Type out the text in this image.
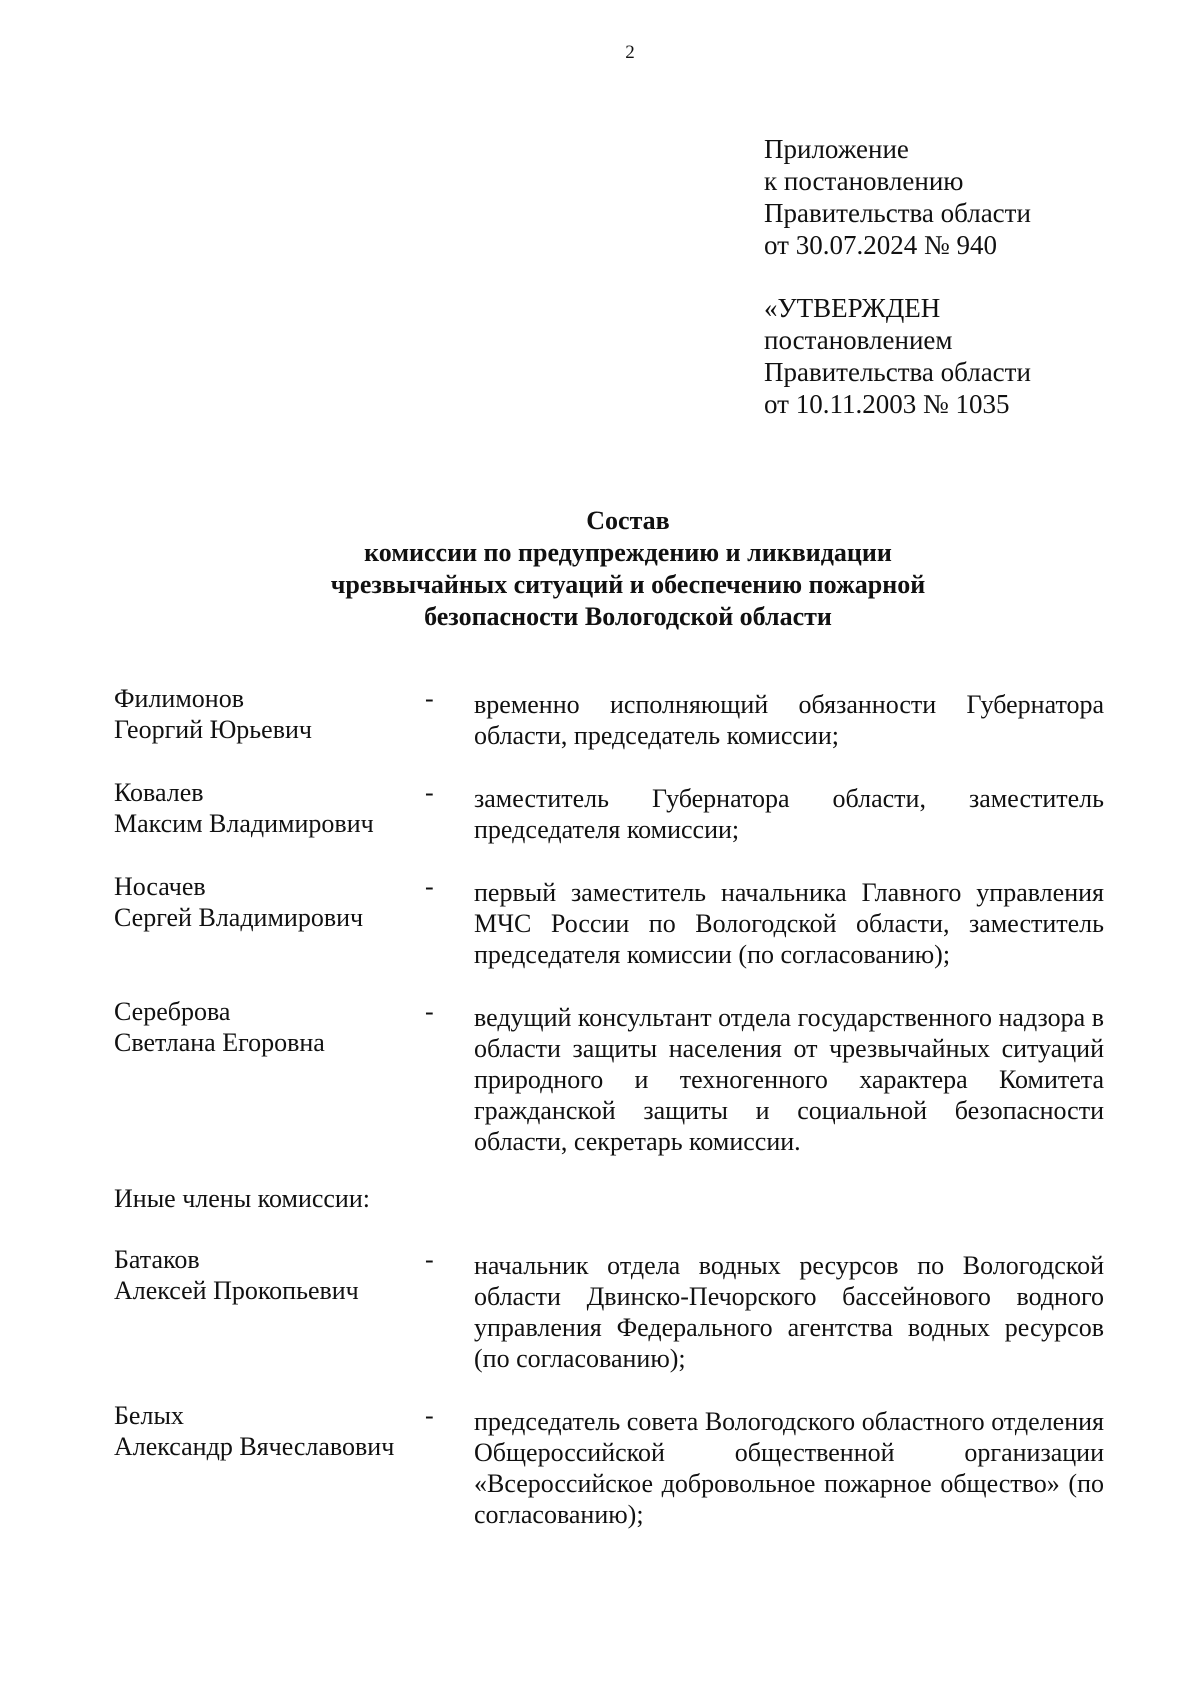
2
Приложение
к постановлению
Правительства области
от 30.07.2024 № 940
«УТВЕРЖДЕН
постановлением
Правительства области
от 10.11.2003 № 1035
Состав
комиссии по предупреждению и ликвидации
чрезвычайных ситуаций и обеспечению пожарной
безопасности Вологодской области
Филимонов
Георгий Юрьевич
-	временно исполняющий обязанности Губернатора области, председатель комиссии;
Ковалев
Максим Владимирович
-	заместитель Губернатора области, заместитель председателя комиссии;
Носачев
Сергей Владимирович
-	первый заместитель начальника Главного управления МЧС России по Вологодской области, заместитель председателя комиссии (по согласованию);
Сереброва
Светлана Егоровна
-	ведущий консультант отдела государственного надзора в области защиты населения от чрезвычайных ситуаций природного и техногенного характера Комитета гражданской защиты и социальной безопасности области, секретарь комиссии.
Иные члены комиссии:
Батаков
Алексей Прокопьевич
-	начальник отдела водных ресурсов по Вологодской области Двинско-Печорского бассейнового водного управления Федерального агентства водных ресурсов (по согласованию);
Белых
Александр Вячеславович
-	председатель совета Вологодского областного отделения Общероссийской общественной организации «Всероссийское добровольное пожарное общество» (по согласованию);
